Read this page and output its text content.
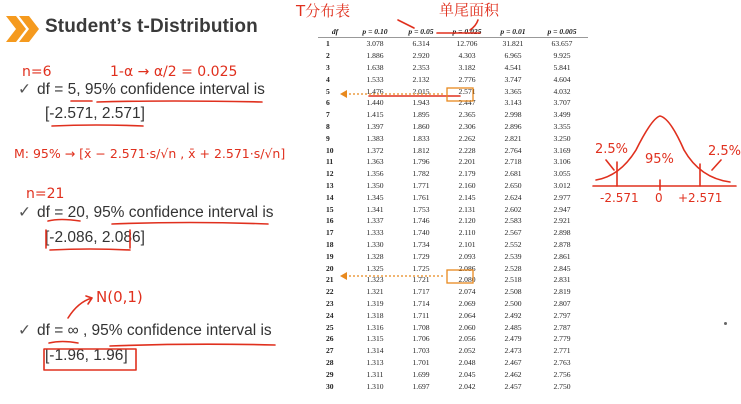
Student’s t-Distribution
✓ df = 5, 95% confidence interval is
[-2.571, 2.571]
✓ df = 20, 95% confidence interval is
[-2.086, 2.086]
✓ df = ∞ , 95% confidence interval is
[-1.96, 1.96]
df	p = 0.10	p = 0.05	p = 0.025	p = 0.01	p = 0.005
1	3.078	6.314	12.706	31.821	63.657
2	1.886	2.920	4.303	6.965	9.925
3	1.638	2.353	3.182	4.541	5.841
4	1.533	2.132	2.776	3.747	4.604
5	1.476	2.015	2.571	3.365	4.032
6	1.440	1.943	2.447	3.143	3.707
7	1.415	1.895	2.365	2.998	3.499
8	1.397	1.860	2.306	2.896	3.355
9	1.383	1.833	2.262	2.821	3.250
10	1.372	1.812	2.228	2.764	3.169
11	1.363	1.796	2.201	2.718	3.106
12	1.356	1.782	2.179	2.681	3.055
13	1.350	1.771	2.160	2.650	3.012
14	1.345	1.761	2.145	2.624	2.977
15	1.341	1.753	2.131	2.602	2.947
16	1.337	1.746	2.120	2.583	2.921
17	1.333	1.740	2.110	2.567	2.898
18	1.330	1.734	2.101	2.552	2.878
19	1.328	1.729	2.093	2.539	2.861
20	1.325	1.725	2.086	2.528	2.845
21	1.323	1.721	2.080	2.518	2.831
22	1.321	1.717	2.074	2.508	2.819
23	1.319	1.714	2.069	2.500	2.807
24	1.318	1.711	2.064	2.492	2.797
25	1.316	1.708	2.060	2.485	2.787
26	1.315	1.706	2.056	2.479	2.779
27	1.314	1.703	2.052	2.473	2.771
28	1.313	1.701	2.048	2.467	2.763
29	1.311	1.699	2.045	2.462	2.756
30	1.310	1.697	2.042	2.457	2.750
T分布表	单尾面积
n=6	1-α → α/2 = 0.025
M: 95% → [x̄ − 2.571·s/√n , x̄ + 2.571·s/√n]
n=21
N(0,1)
2.5%
95%
2.5%
-2.571 0 +2.571
